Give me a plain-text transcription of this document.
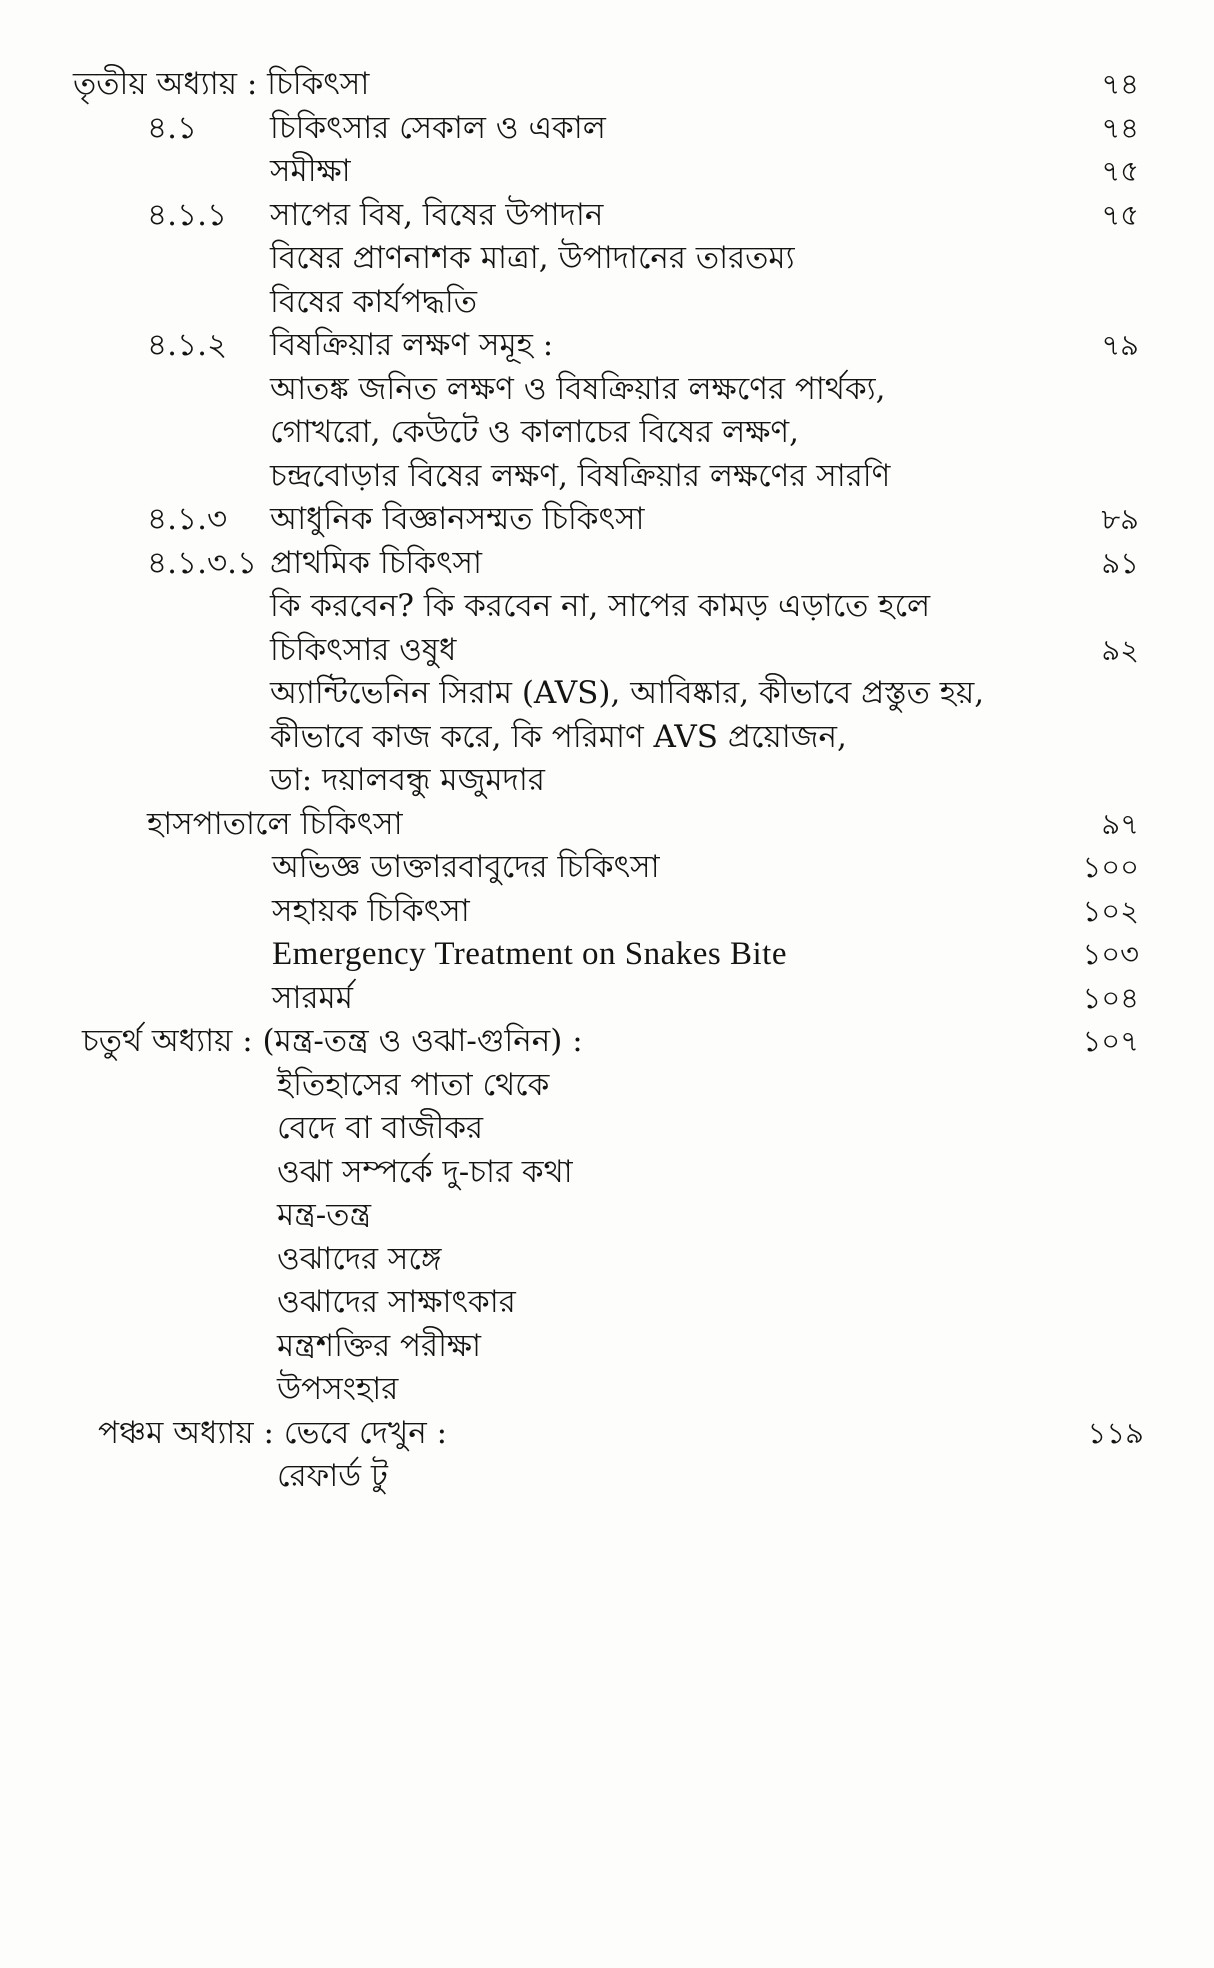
তৃতীয় অধ্যায় : চিকিৎসা	৭৪
৪.১ চিকিৎসার সেকাল ও একাল	৭৪
সমীক্ষা	৭৫
৪.১.১ সাপের বিষ, বিষের উপাদান	৭৫
বিষের প্রাণনাশক মাত্রা, উপাদানের তারতম্য
বিষের কার্যপদ্ধতি
৪.১.২ বিষক্রিয়ার লক্ষণ সমূহ :	৭৯
আতঙ্ক জনিত লক্ষণ ও বিষক্রিয়ার লক্ষণের পার্থক্য,
গোখরো, কেউটে ও কালাচের বিষের লক্ষণ,
চন্দ্রবোড়ার বিষের লক্ষণ, বিষক্রিয়ার লক্ষণের সারণি
৪.১.৩ আধুনিক বিজ্ঞানসম্মত চিকিৎসা	৮৯
৪.১.৩.১ প্রাথমিক চিকিৎসা	৯১
কি করবেন? কি করবেন না, সাপের কামড় এড়াতে হলে
চিকিৎসার ওষুধ	৯২
অ্যান্টিভেনিন সিরাম (AVS), আবিষ্কার, কীভাবে প্রস্তুত হয়,
কীভাবে কাজ করে, কি পরিমাণ AVS প্রয়োজন,
ডা: দয়ালবন্ধু মজুমদার
হাসপাতালে চিকিৎসা	৯৭
অভিজ্ঞ ডাক্তারবাবুদের চিকিৎসা	১০০
সহায়ক চিকিৎসা	১০২
Emergency Treatment on Snakes Bite	১০৩
সারমর্ম	১০৪
চতুর্থ অধ্যায় : (মন্ত্র-তন্ত্র ও ওঝা-গুনিন) :	১০৭
ইতিহাসের পাতা থেকে
বেদে বা বাজীকর
ওঝা সম্পর্কে দু-চার কথা
মন্ত্র-তন্ত্র
ওঝাদের সঙ্গে
ওঝাদের সাক্ষাৎকার
মন্ত্রশক্তির পরীক্ষা
উপসংহার
পঞ্চম অধ্যায় : ভেবে দেখুন :	১১৯
রেফার্ড টু
